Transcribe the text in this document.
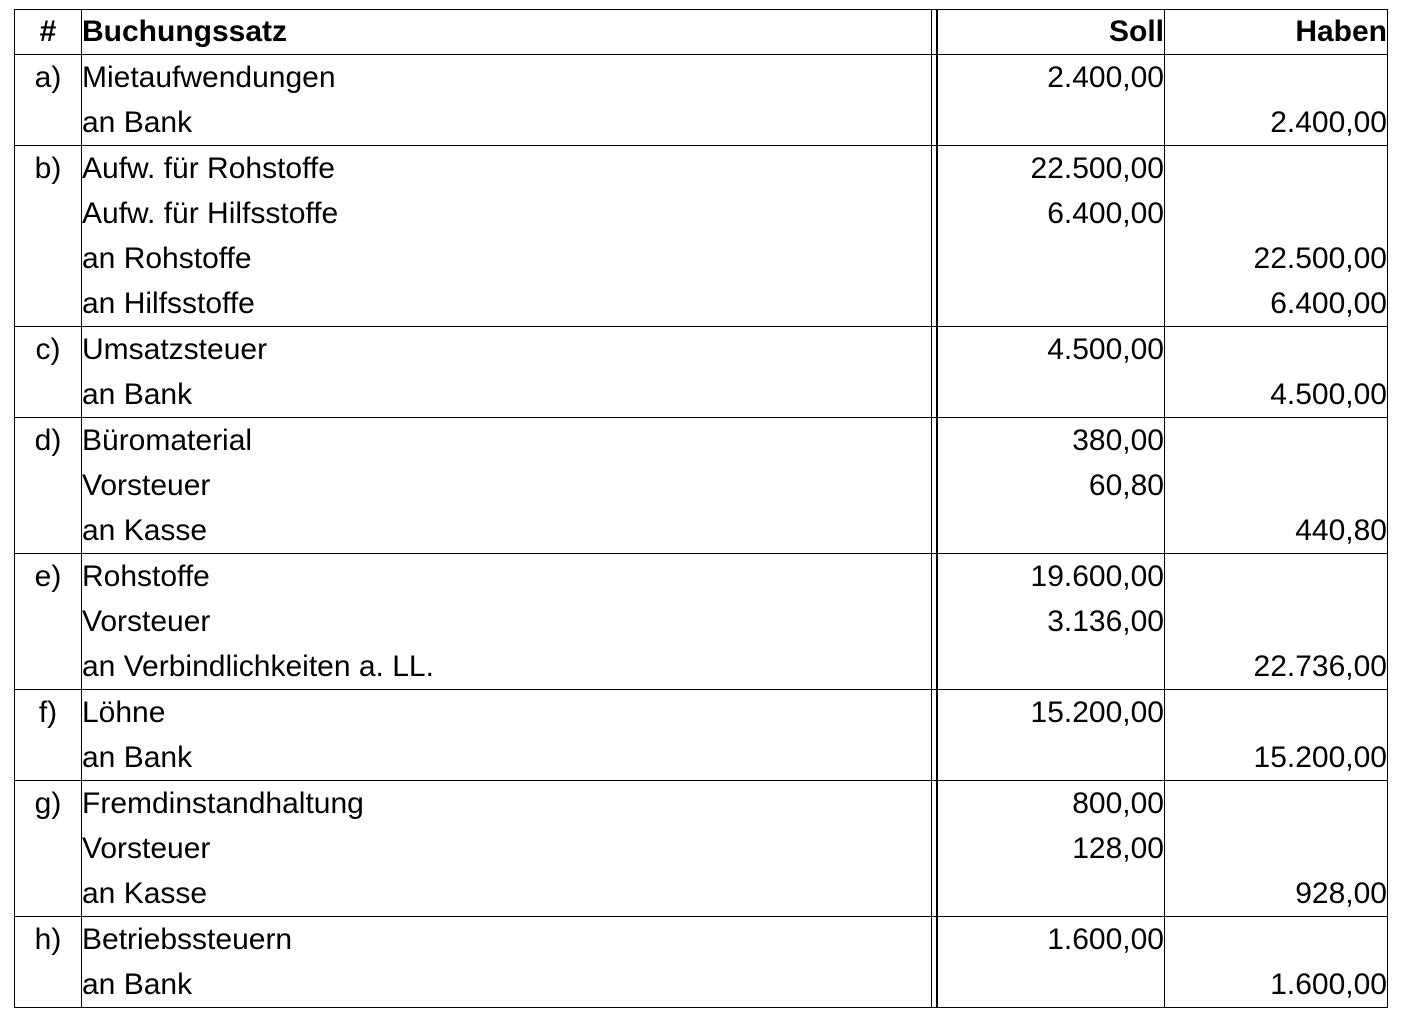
#	Buchungssatz	Soll	Haben
a)	Mietaufwendungen	2.400,00	
	an Bank		2.400,00
b)	Aufw. für Rohstoffe	22.500,00	
	Aufw. für Hilfsstoffe	6.400,00	
	an Rohstoffe		22.500,00
	an Hilfsstoffe		6.400,00
c)	Umsatzsteuer	4.500,00	
	an Bank		4.500,00
d)	Büromaterial	380,00	
	Vorsteuer	60,80	
	an Kasse		440,80
e)	Rohstoffe	19.600,00	
	Vorsteuer	3.136,00	
	an Verbindlichkeiten a. LL.		22.736,00
f)	Löhne	15.200,00	
	an Bank		15.200,00
g)	Fremdinstandhaltung	800,00	
	Vorsteuer	128,00	
	an Kasse		928,00
h)	Betriebssteuern	1.600,00	
	an Bank		1.600,00
